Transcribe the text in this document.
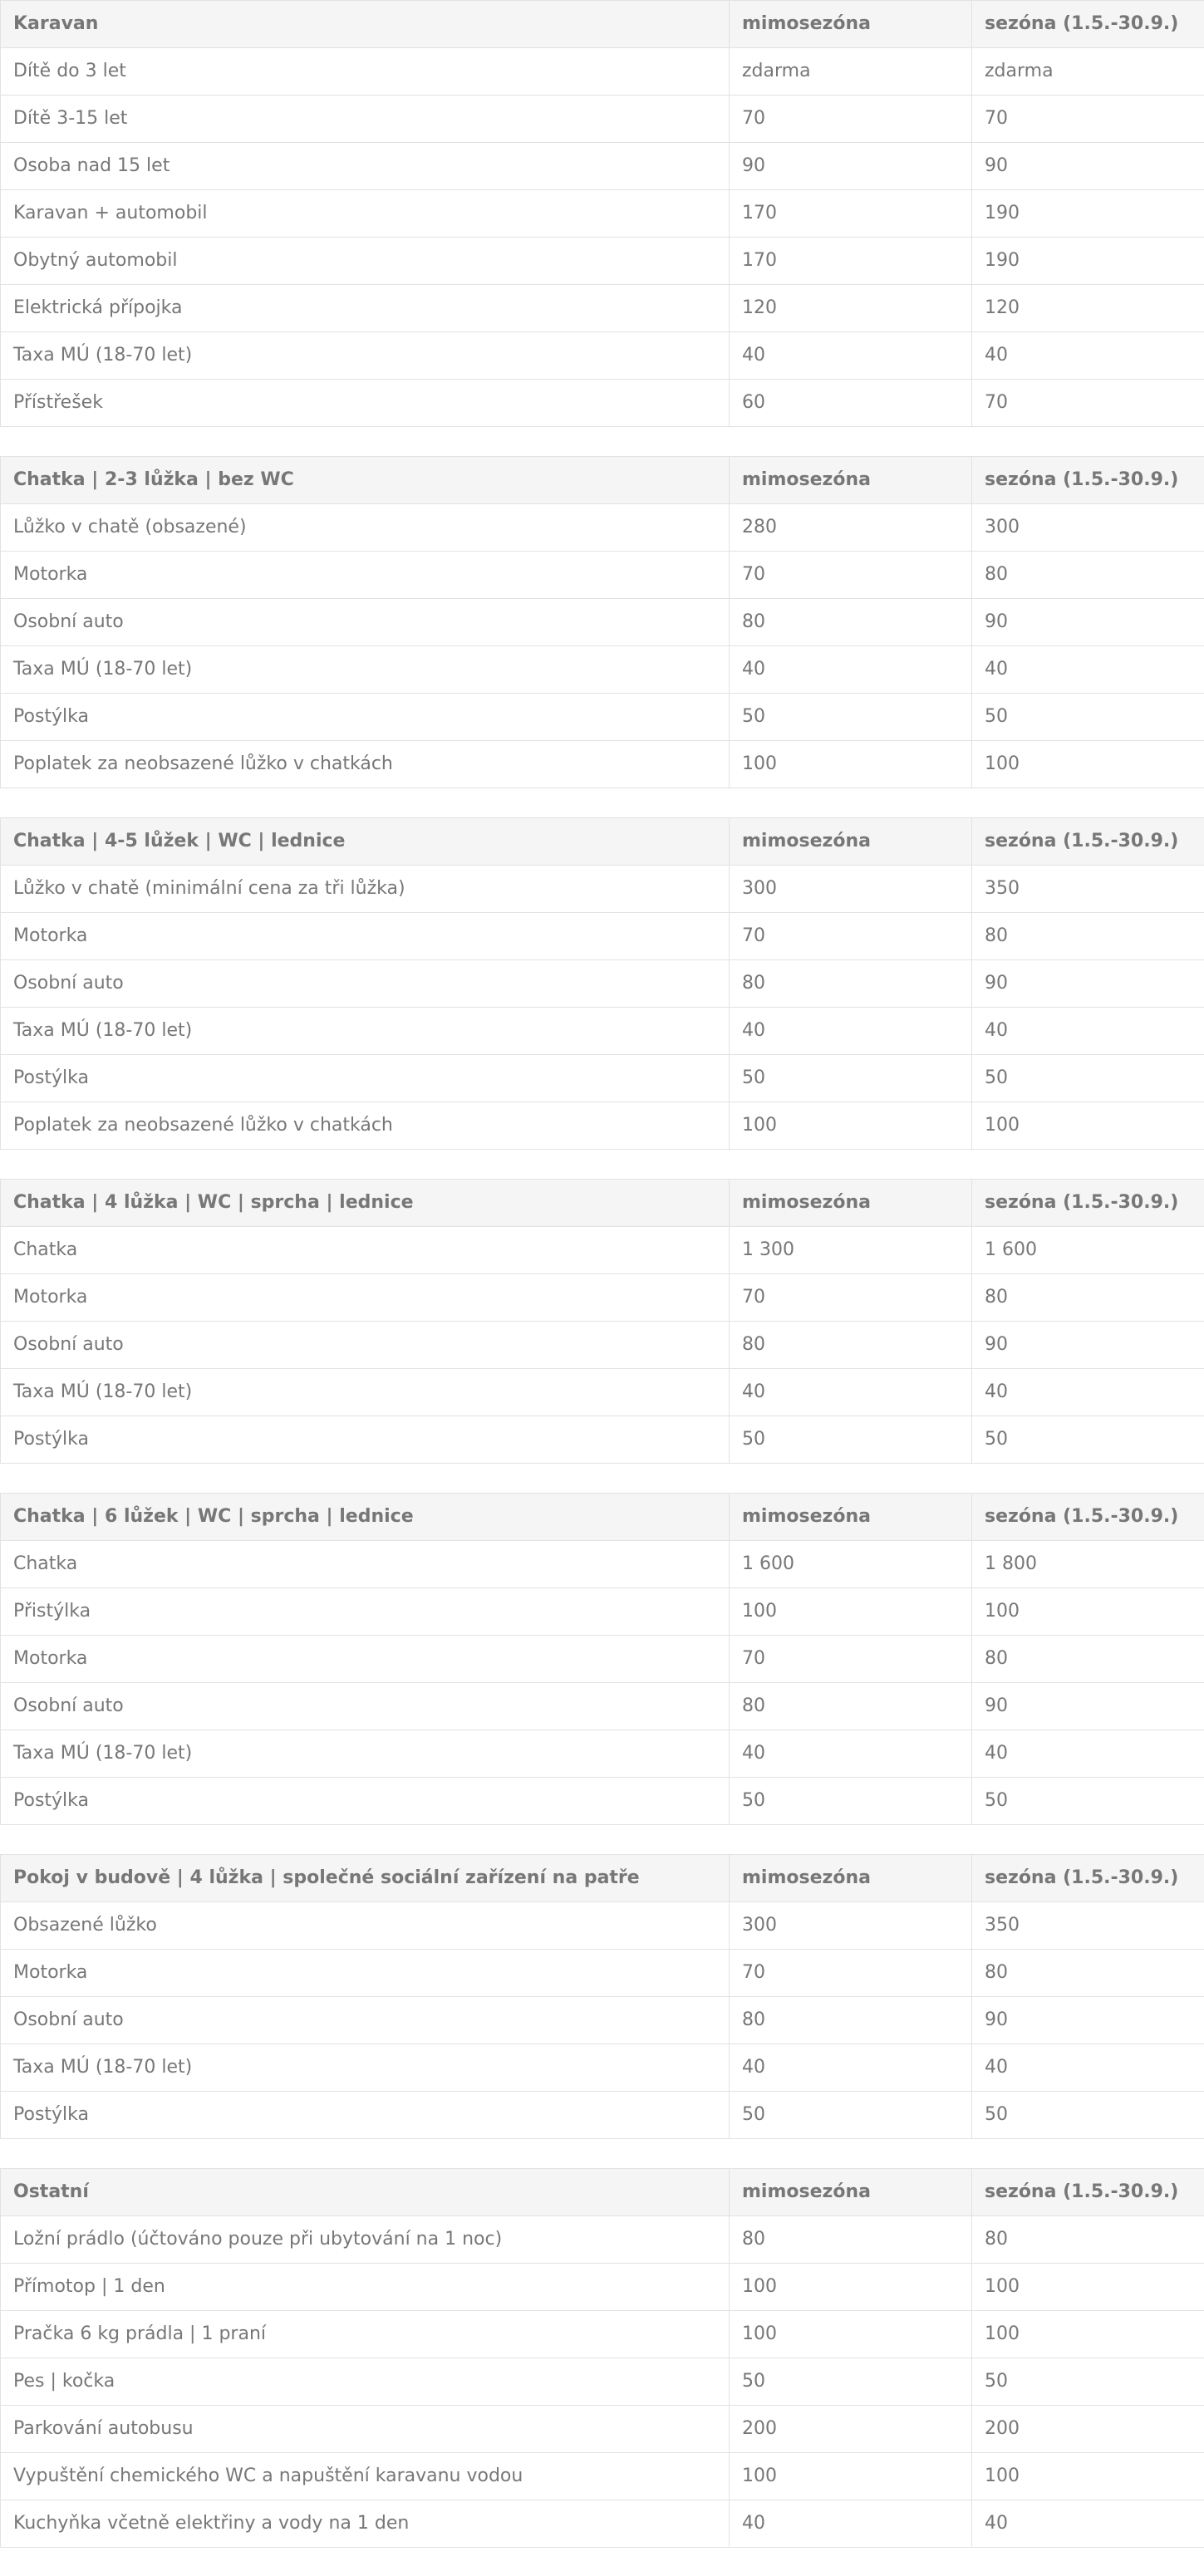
Karavan	mimosezóna	sezóna (1.5.-30.9.)
Dítě do 3 let	zdarma	zdarma
Dítě 3-15 let	70	70
Osoba nad 15 let	90	90
Karavan + automobil	170	190
Obytný automobil	170	190
Elektrická přípojka	120	120
Taxa MÚ (18-70 let)	40	40
Přístřešek	60	70
Chatka | 2-3 lůžka | bez WC	mimosezóna	sezóna (1.5.-30.9.)
Lůžko v chatě (obsazené)	280	300
Motorka	70	80
Osobní auto	80	90
Taxa MÚ (18-70 let)	40	40
Postýlka	50	50
Poplatek za neobsazené lůžko v chatkách	100	100
Chatka | 4-5 lůžek | WC | lednice	mimosezóna	sezóna (1.5.-30.9.)
Lůžko v chatě (minimální cena za tři lůžka)	300	350
Motorka	70	80
Osobní auto	80	90
Taxa MÚ (18-70 let)	40	40
Postýlka	50	50
Poplatek za neobsazené lůžko v chatkách	100	100
Chatka | 4 lůžka | WC | sprcha | lednice	mimosezóna	sezóna (1.5.-30.9.)
Chatka	1 300	1 600
Motorka	70	80
Osobní auto	80	90
Taxa MÚ (18-70 let)	40	40
Postýlka	50	50
Chatka | 6 lůžek | WC | sprcha | lednice	mimosezóna	sezóna (1.5.-30.9.)
Chatka	1 600	1 800
Přistýlka	100	100
Motorka	70	80
Osobní auto	80	90
Taxa MÚ (18-70 let)	40	40
Postýlka	50	50
Pokoj v budově | 4 lůžka | společné sociální zařízení na patře	mimosezóna	sezóna (1.5.-30.9.)
Obsazené lůžko	300	350
Motorka	70	80
Osobní auto	80	90
Taxa MÚ (18-70 let)	40	40
Postýlka	50	50
Ostatní	mimosezóna	sezóna (1.5.-30.9.)
Ložní prádlo (účtováno pouze při ubytování na 1 noc)	80	80
Přímotop | 1 den	100	100
Pračka 6 kg prádla | 1 praní	100	100
Pes | kočka	50	50
Parkování autobusu	200	200
Vypuštění chemického WC a napuštění karavanu vodou	100	100
Kuchyňka včetně elektřiny a vody na 1 den	40	40
